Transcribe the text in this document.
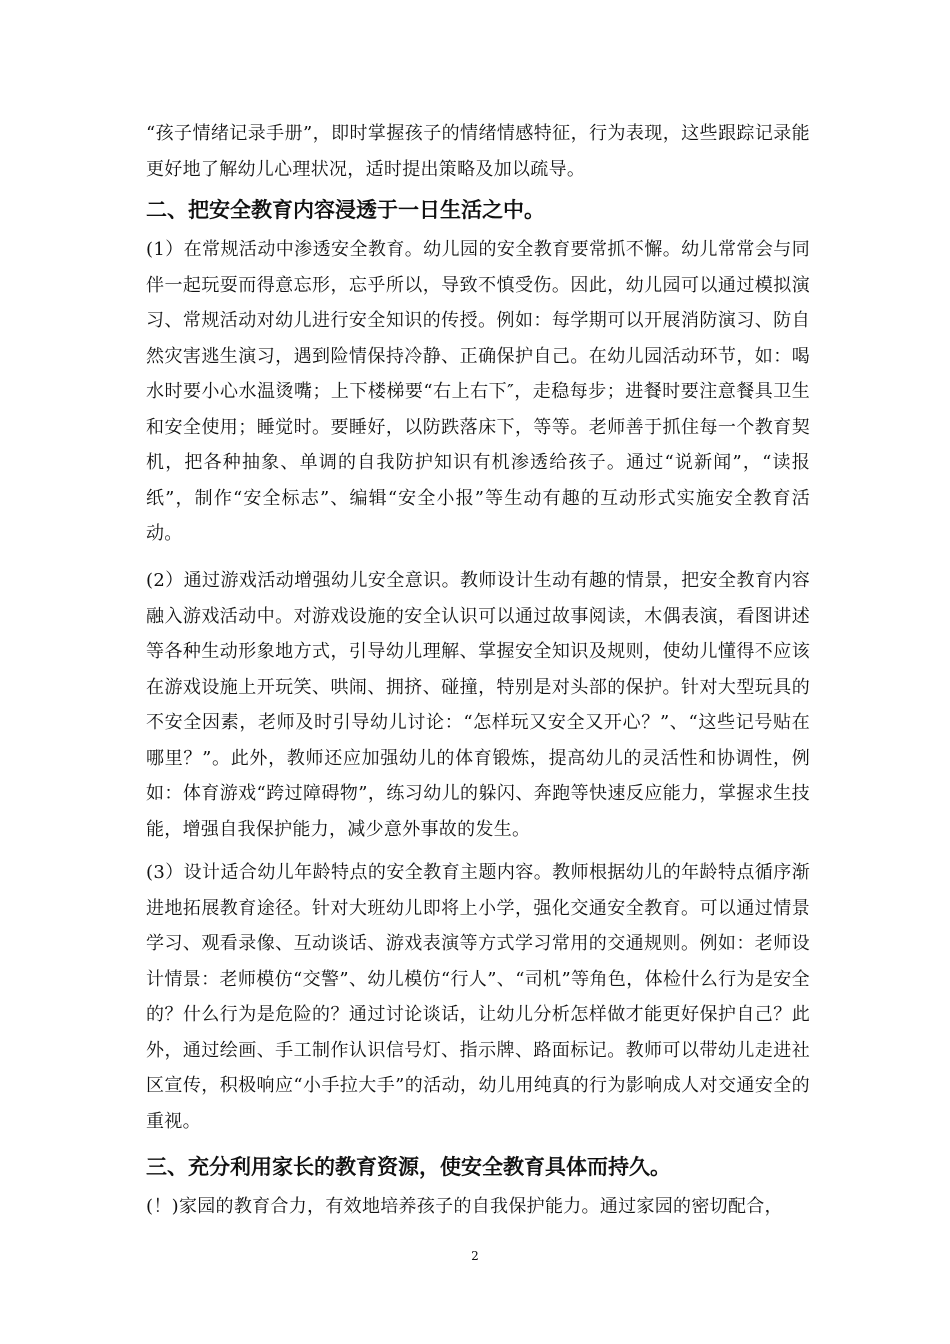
“孩子情绪记录手册”，即时掌握孩子的情绪情感特征，行为表现，这些跟踪记录能更好地了解幼儿心理状况，适时提出策略及加以疏导。
二、把安全教育内容浸透于一日生活之中。
(1）在常规活动中渗透安全教育。幼儿园的安全教育要常抓不懈。幼儿常常会与同伴一起玩耍而得意忘形，忘乎所以，导致不慎受伤。因此，幼儿园可以通过模拟演习、常规活动对幼儿进行安全知识的传授。例如：每学期可以开展消防演习、防自然灾害逃生演习，遇到险情保持冷静、正确保护自己。在幼儿园活动环节，如：喝水时要小心水温烫嘴；上下楼梯要“右上右下″，走稳每步；进餐时要注意餐具卫生和安全使用；睡觉时。要睡好，以防跌落床下，等等。老师善于抓住每一个教育契机，把各种抽象、单调的自我防护知识有机渗透给孩子。通过“说新闻”，“读报纸”，制作“安全标志”、编辑“安全小报”等生动有趣的互动形式实施安全教育活动。
(2）通过游戏活动增强幼儿安全意识。教师设计生动有趣的情景，把安全教育内容融入游戏活动中。对游戏设施的安全认识可以通过故事阅读，木偶表演，看图讲述等各种生动形象地方式，引导幼儿理解、掌握安全知识及规则，使幼儿懂得不应该在游戏设施上开玩笑、哄闹、拥挤、碰撞，特别是对头部的保护。针对大型玩具的不安全因素，老师及时引导幼儿讨论：“怎样玩又安全又开心？”、“这些记号贴在哪里？”。此外，教师还应加强幼儿的体育锻炼，提高幼儿的灵活性和协调性，例如：体育游戏“跨过障碍物”，练习幼儿的躲闪、奔跑等快速反应能力，掌握求生技能，增强自我保护能力，减少意外事故的发生。
(3）设计适合幼儿年龄特点的安全教育主题内容。教师根据幼儿的年龄特点循序渐进地拓展教育途径。针对大班幼儿即将上小学，强化交通安全教育。可以通过情景学习、观看录像、互动谈话、游戏表演等方式学习常用的交通规则。例如：老师设计情景：老师模仿“交警”、幼儿模仿“行人”、“司机”等角色，体检什么行为是安全的？什么行为是危险的？通过讨论谈话，让幼儿分析怎样做才能更好保护自己？此外，通过绘画、手工制作认识信号灯、指示牌、路面标记。教师可以带幼儿走进社区宣传，积极响应“小手拉大手”的活动，幼儿用纯真的行为影响成人对交通安全的重视。
三、充分利用家长的教育资源，使安全教育具体而持久。
(！)家园的教育合力，有效地培养孩子的自我保护能力。通过家园的密切配合，
2
